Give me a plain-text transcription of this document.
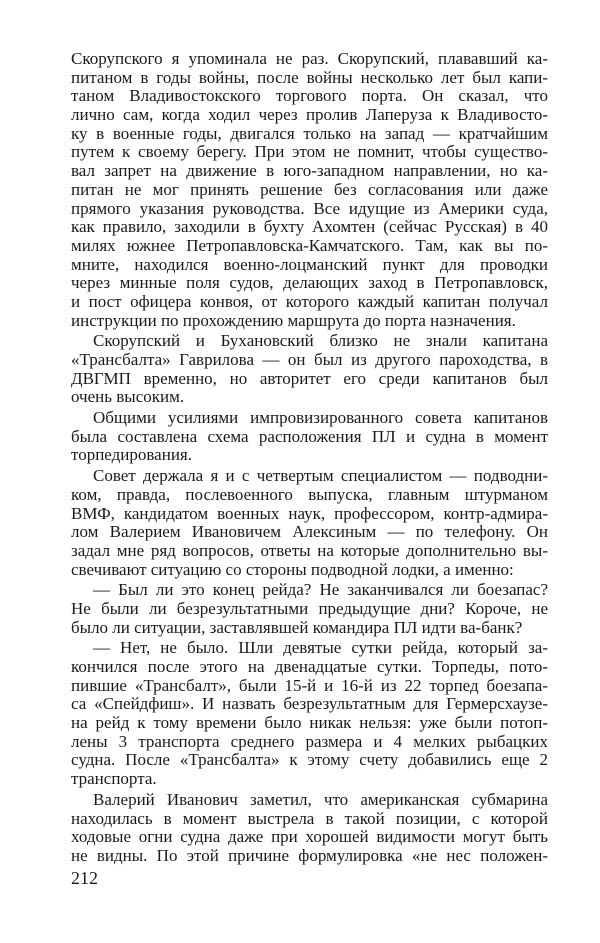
Скорупского я упоминала не раз. Скорупский, плававший ка-
питаном в годы войны, после войны несколько лет был капи-
таном Владивостокского торгового порта. Он сказал, что
лично сам, когда ходил через пролив Лаперуза к Владивосто-
ку в военные годы, двигался только на запад — кратчайшим
путем к своему берегу. При этом не помнит, чтобы существо-
вал запрет на движение в юго-западном направлении, но ка-
питан не мог принять решение без согласования или даже
прямого указания руководства. Все идущие из Америки суда,
как правило, заходили в бухту Ахомтен (сейчас Русская) в 40
милях южнее Петропавловска-Камчатского. Там, как вы по-
мните, находился военно-лоцманский пункт для проводки
через минные поля судов, делающих заход в Петропавловск,
и пост офицера конвоя, от которого каждый капитан получал
инструкции по прохождению маршрута до порта назначения.
Скорупский и Бухановский близко не знали капитана
«Трансбалта» Гаврилова — он был из другого пароходства, в
ДВГМП временно, но авторитет его среди капитанов был
очень высоким.
Общими усилиями импровизированного совета капитанов
была составлена схема расположения ПЛ и судна в момент
торпедирования.
Совет держала я и с четвертым специалистом — подводни-
ком, правда, послевоенного выпуска, главным штурманом
ВМФ, кандидатом военных наук, профессором, контр-адмира-
лом Валерием Ивановичем Алексиным — по телефону. Он
задал мне ряд вопросов, ответы на которые дополнительно вы-
свечивают ситуацию со стороны подводной лодки, а именно:
— Был ли это конец рейда? Не заканчивался ли боезапас?
Не были ли безрезультатными предыдущие дни? Короче, не
было ли ситуации, заставлявшей командира ПЛ идти ва-банк?
— Нет, не было. Шли девятые сутки рейда, который за-
кончился после этого на двенадцатые сутки. Торпеды, пото-
пившие «Трансбалт», были 15-й и 16-й из 22 торпед боезапа-
са «Спейдфиш». И назвать безрезультатным для Гермерсхаузе-
на рейд к тому времени было никак нельзя: уже были потоп-
лены 3 транспорта среднего размера и 4 мелких рыбацких
судна. После «Трансбалта» к этому счету добавились еще 2
транспорта.
Валерий Иванович заметил, что американская субмарина
находилась в момент выстрела в такой позиции, с которой
ходовые огни судна даже при хорошей видимости могут быть
не видны. По этой причине формулировка «не нес положен-
212
